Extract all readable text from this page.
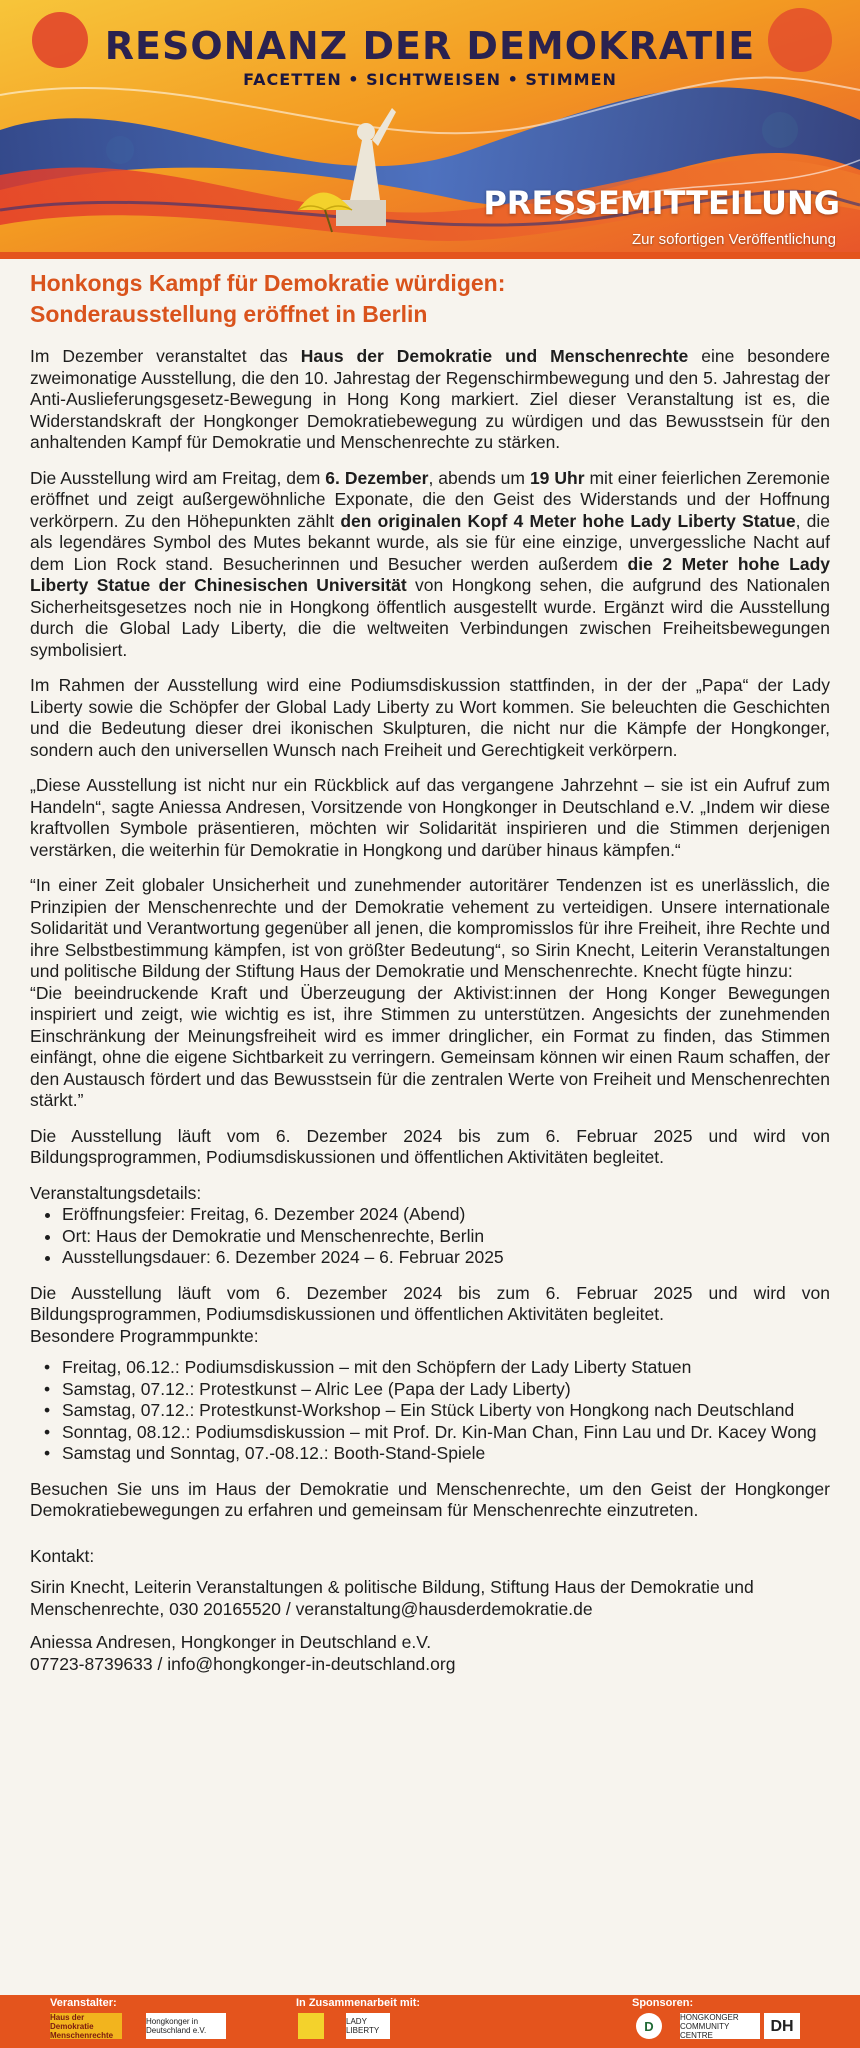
RESONANZ DER DEMOKRATIE
FACETTEN • SICHTWEISEN • STIMMEN
PRESSEMITTEILUNG
Zur sofortigen Veröffentlichung
Honkongs Kampf für Demokratie würdigen:
Sonderausstellung eröffnet in Berlin

Im Dezember veranstaltet das Haus der Demokratie und Menschenrechte eine besondere zweimonatige Ausstellung, die den 10. Jahrestag der Regenschirmbewegung und den 5. Jahrestag der Anti-Auslieferungsgesetz-Bewegung in Hong Kong markiert. Ziel dieser Veranstaltung ist es, die Widerstandskraft der Hongkonger Demokratiebewegung zu würdigen und das Bewusstsein für den anhaltenden Kampf für Demokratie und Menschenrechte zu stärken.

Die Ausstellung wird am Freitag, dem 6. Dezember, abends um 19 Uhr mit einer feierlichen Zeremonie eröffnet und zeigt außergewöhnliche Exponate, die den Geist des Widerstands und der Hoffnung verkörpern. Zu den Höhepunkten zählt den originalen Kopf 4 Meter hohe Lady Liberty Statue, die als legendäres Symbol des Mutes bekannt wurde, als sie für eine einzige, unvergessliche Nacht auf dem Lion Rock stand. Besucherinnen und Besucher werden außerdem die 2 Meter hohe Lady Liberty Statue der Chinesischen Universität von Hongkong sehen, die aufgrund des Nationalen Sicherheitsgesetzes noch nie in Hongkong öffentlich ausgestellt wurde. Ergänzt wird die Ausstellung durch die Global Lady Liberty, die die weltweiten Verbindungen zwischen Freiheitsbewegungen symbolisiert.

Im Rahmen der Ausstellung wird eine Podiumsdiskussion stattfinden, in der der „Papa“ der Lady Liberty sowie die Schöpfer der Global Lady Liberty zu Wort kommen. Sie beleuchten die Geschichten und die Bedeutung dieser drei ikonischen Skulpturen, die nicht nur die Kämpfe der Hongkonger, sondern auch den universellen Wunsch nach Freiheit und Gerechtigkeit verkörpern.

„Diese Ausstellung ist nicht nur ein Rückblick auf das vergangene Jahrzehnt – sie ist ein Aufruf zum Handeln“, sagte Aniessa Andresen, Vorsitzende von Hongkonger in Deutschland e.V. „Indem wir diese kraftvollen Symbole präsentieren, möchten wir Solidarität inspirieren und die Stimmen derjenigen verstärken, die weiterhin für Demokratie in Hongkong und darüber hinaus kämpfen.“

“In einer Zeit globaler Unsicherheit und zunehmender autoritärer Tendenzen ist es unerlässlich, die Prinzipien der Menschenrechte und der Demokratie vehement zu verteidigen. Unsere internationale Solidarität und Verantwortung gegenüber all jenen, die kompromisslos für ihre Freiheit, ihre Rechte und ihre Selbstbestimmung kämpfen, ist von größter Bedeutung“, so Sirin Knecht, Leiterin Veranstaltungen und politische Bildung der Stiftung Haus der Demokratie und Menschenrechte. Knecht fügte hinzu:

“Die beeindruckende Kraft und Überzeugung der Aktivist:innen der Hong Konger Bewegungen inspiriert und zeigt, wie wichtig es ist, ihre Stimmen zu unterstützen. Angesichts der zunehmenden Einschränkung der Meinungsfreiheit wird es immer dringlicher, ein Format zu finden, das Stimmen einfängt, ohne die eigene Sichtbarkeit zu verringern. Gemeinsam können wir einen Raum schaffen, der den Austausch fördert und das Bewusstsein für die zentralen Werte von Freiheit und Menschenrechten stärkt.”

Die Ausstellung läuft vom 6. Dezember 2024 bis zum 6. Februar 2025 und wird von Bildungsprogrammen, Podiumsdiskussionen und öffentlichen Aktivitäten begleitet.

Veranstaltungsdetails:

• Eröffnungsfeier: Freitag, 6. Dezember 2024 (Abend)
• Ort: Haus der Demokratie und Menschenrechte, Berlin
• Ausstellungsdauer: 6. Dezember 2024 – 6. Februar 2025

Die Ausstellung läuft vom 6. Dezember 2024 bis zum 6. Februar 2025 und wird von Bildungsprogrammen, Podiumsdiskussionen und öffentlichen Aktivitäten begleitet.

Besondere Programmpunkte:

• Freitag, 06.12.: Podiumsdiskussion – mit den Schöpfern der Lady Liberty Statuen
• Samstag, 07.12.: Protestkunst – Alric Lee (Papa der Lady Liberty)
• Samstag, 07.12.: Protestkunst-Workshop – Ein Stück Liberty von Hongkong nach Deutschland
• Sonntag, 08.12.: Podiumsdiskussion – mit Prof. Dr. Kin-Man Chan, Finn Lau und Dr. Kacey Wong
• Samstag und Sonntag, 07.-08.12.: Booth-Stand-Spiele

Besuchen Sie uns im Haus der Demokratie und Menschenrechte, um den Geist der Hongkonger Demokratiebewegungen zu erfahren und gemeinsam für Menschenrechte einzutreten.

Kontakt:

Sirin Knecht, Leiterin Veranstaltungen & politische Bildung, Stiftung Haus der Demokratie und Menschenrechte, 030 20165520 / veranstaltung@hausderdemokratie.de

Aniessa Andresen, Hongkonger in Deutschland e.V.

07723-8739633 / info@hongkonger-in-deutschland.org

Veranstalter:	In Zusammenarbeit mit:	Sponsoren:
Haus der Demokratie Menschenrechte
Hongkonger in Deutschland e.V.
LADY LIBERTY	D
HONGKONGER COMMUNITY CENTRE
DH
